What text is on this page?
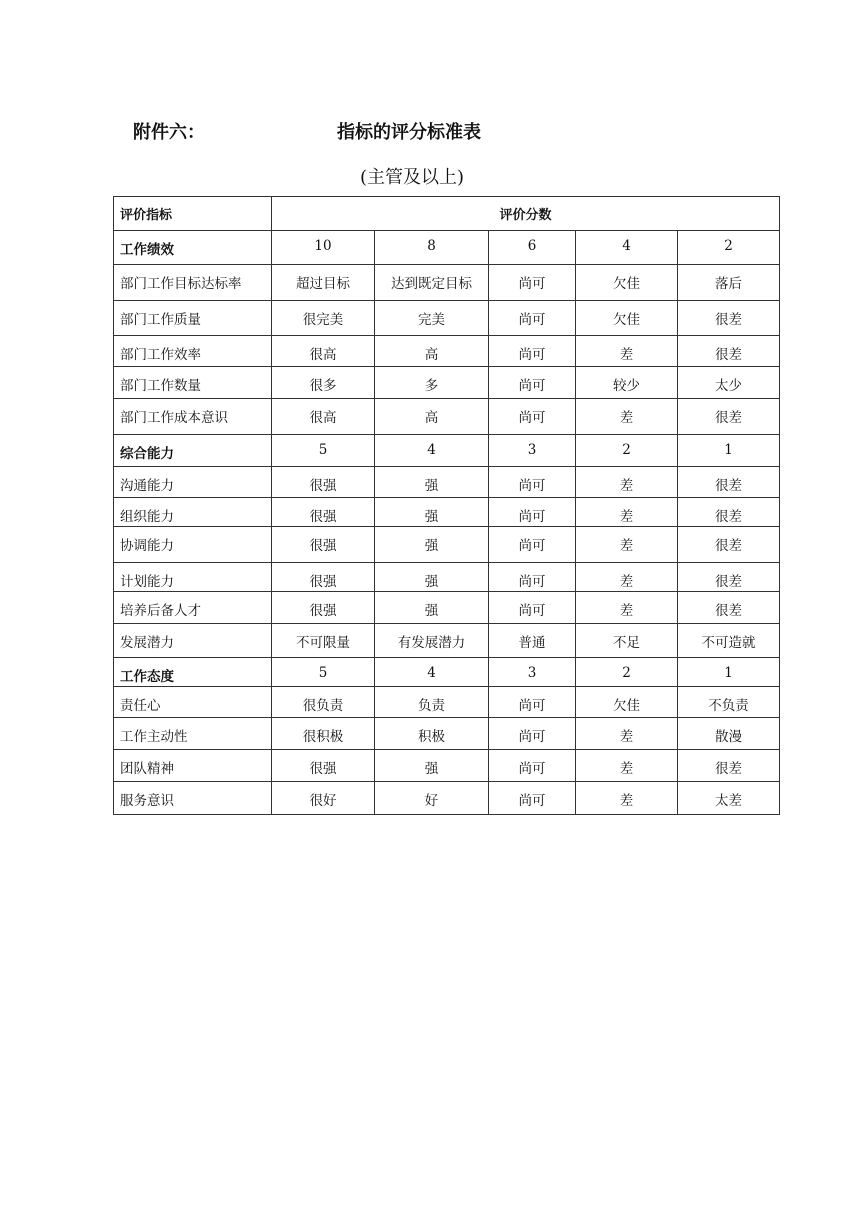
附件六：	指标的评分标准表
(主管及以上)
评价指标	评价分数				
工作绩效	10	8	6	4	2
部门工作目标达标率	超过目标	达到既定目标	尚可	欠佳	落后
部门工作质量	很完美	完美	尚可	欠佳	很差
部门工作效率	很高	高	尚可	差	很差
部门工作数量	很多	多	尚可	较少	太少
部门工作成本意识	很高	高	尚可	差	很差
综合能力	5	4	3	2	1
沟通能力	很强	强	尚可	差	很差
组织能力	很强	强	尚可	差	很差
协调能力	很强	强	尚可	差	很差
计划能力	很强	强	尚可	差	很差
培养后备人才	很强	强	尚可	差	很差
发展潜力	不可限量	有发展潜力	普通	不足	不可造就
工作态度	5	4	3	2	1
责任心	很负责	负责	尚可	欠佳	不负责
工作主动性	很积极	积极	尚可	差	散漫
团队精神	很强	强	尚可	差	很差
服务意识	很好	好	尚可	差	太差
